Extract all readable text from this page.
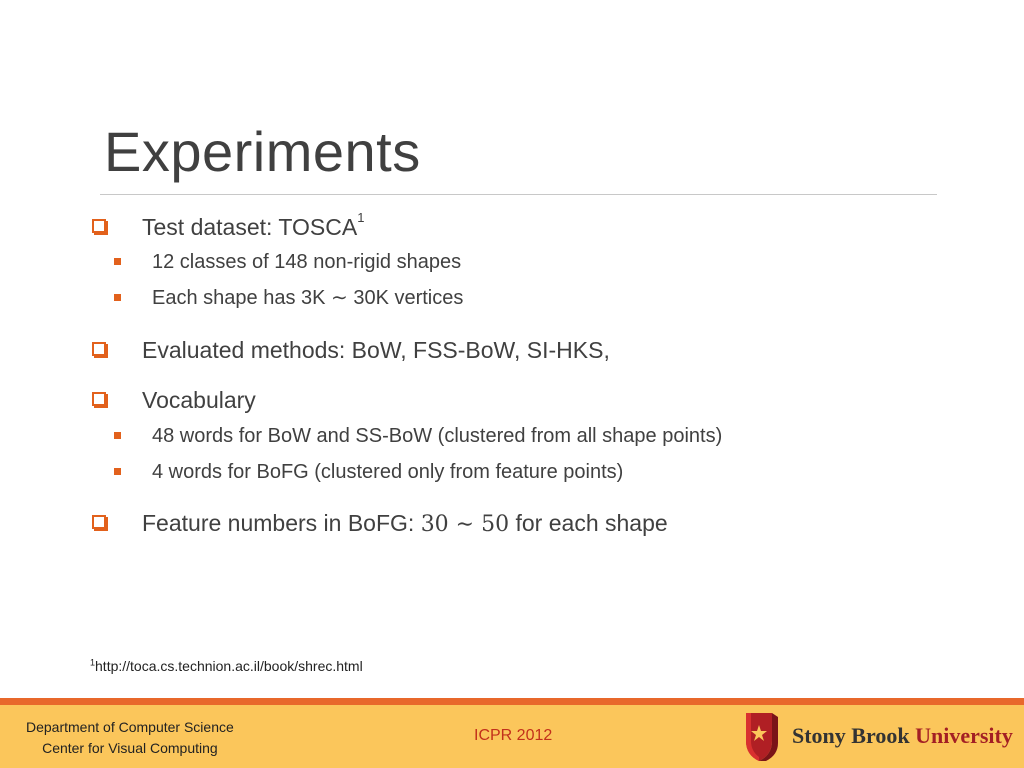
Experiments
Test dataset: TOSCA$^1$
12 classes of 148 non-rigid shapes
Each shape has 3K ∼ 30K vertices
Evaluated methods: BoW, FSS-BoW, SI-HKS,
Vocabulary
48 words for BoW and SS-BoW (clustered from all shape points)
4 words for BoFG (clustered only from feature points)
Feature numbers in BoFG: 30 ∼ 50 for each shape
$^1$http://toca.cs.technion.ac.il/book/shrec.html
Department of Computer Science
Center for Visual Computing
ICPR 2012	Stony Brook University
